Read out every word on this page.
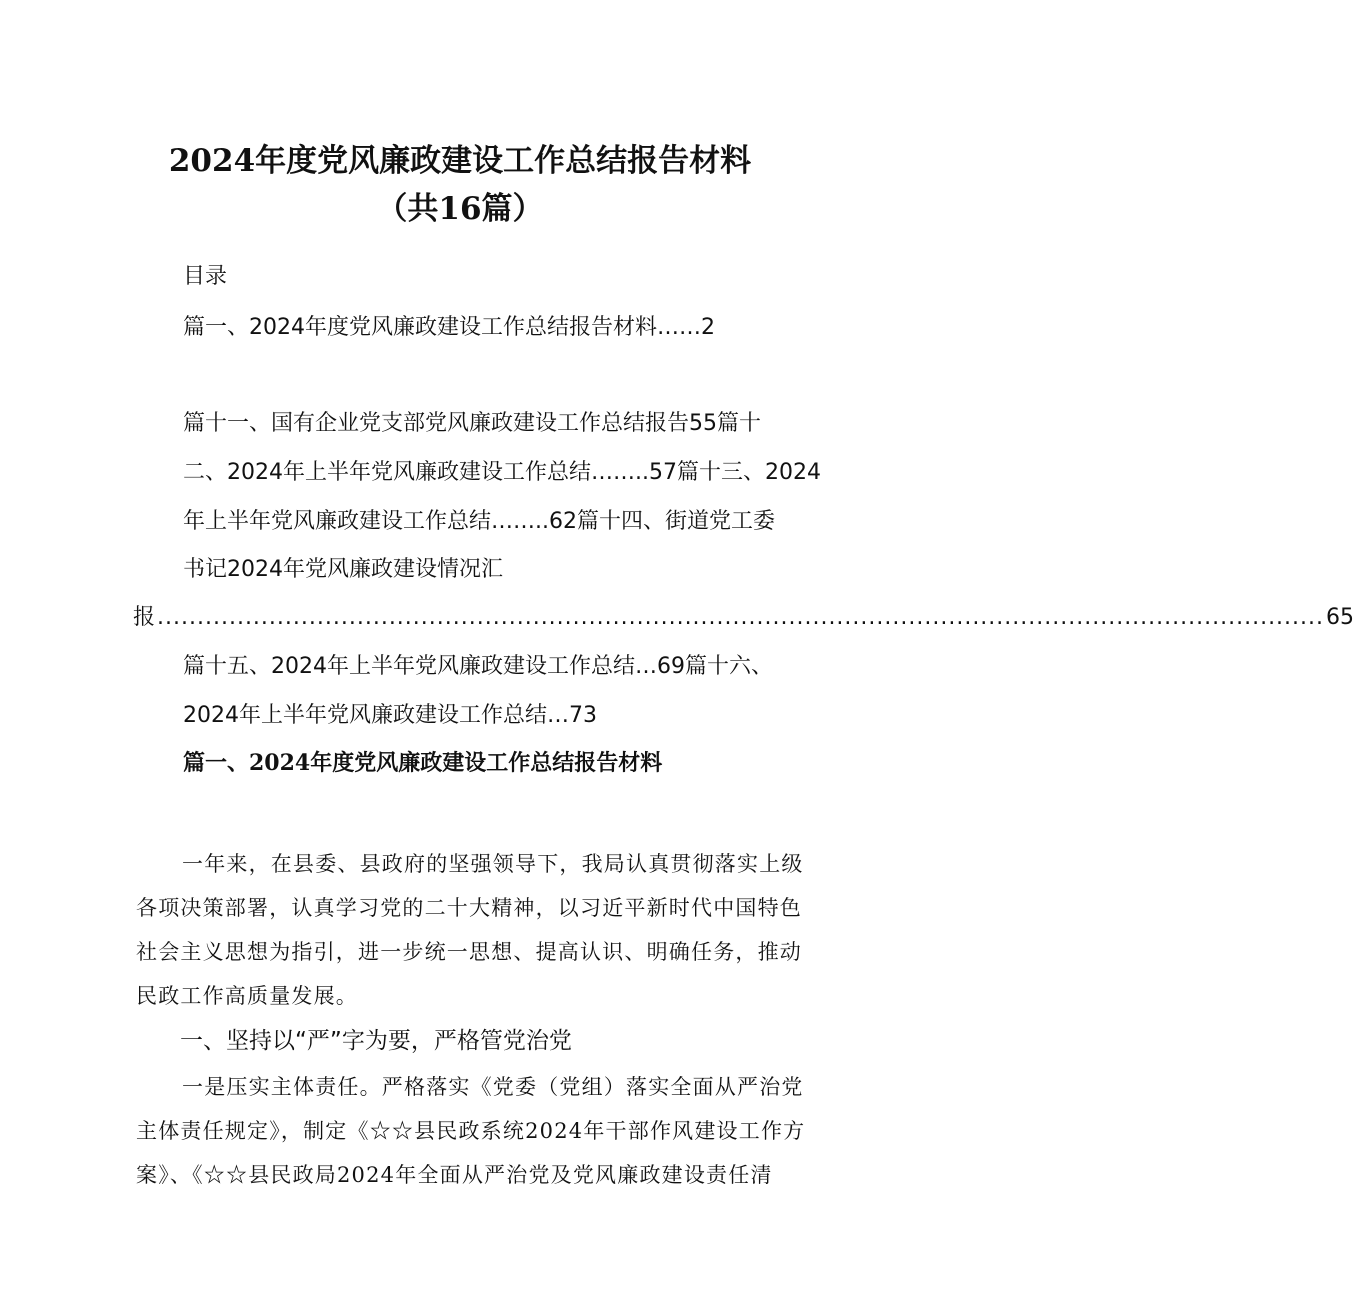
2024年度党风廉政建设工作总结报告材料
（共16篇）
目录
篇一、2024年度党风廉政建设工作总结报告材料……2
篇十一、国有企业党支部党风廉政建设工作总结报告55篇十
二、2024年上半年党风廉政建设工作总结……..57篇十三、2024
年上半年党风廉政建设工作总结……..62篇十四、街道党工委
书记2024年党风廉政建设情况汇
报 .................................................................................................................................................. 65
篇十五、2024年上半年党风廉政建设工作总结…69篇十六、
2024年上半年党风廉政建设工作总结…73
篇一、2024年度党风廉政建设工作总结报告材料
一年来，在县委、县政府的坚强领导下，我局认真贯彻落实上级
各项决策部署，认真学习党的二十大精神，以习近平新时代中国特色
社会主义思想为指引，进一步统一思想、提高认识、明确任务，推动
民政工作高质量发展。
一、坚持以“严”字为要，严格管党治党
一是压实主体责任。严格落实《党委（党组）落实全面从严治党
主体责任规定》，制定《☆☆县民政系统2024年干部作风建设工作方
案》、《☆☆县民政局2024年全面从严治党及党风廉政建设责任清
